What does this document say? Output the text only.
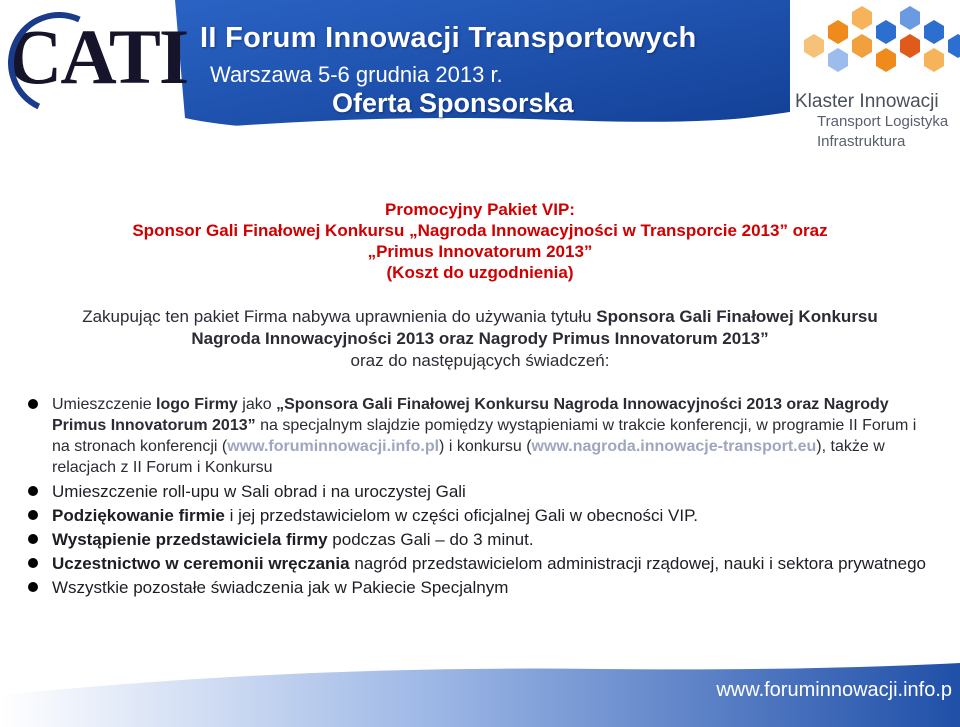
CATI II Forum Innowacji Transportowych
Warszawa 5-6 grudnia 2013 r.
Oferta Sponsorska	Klaster Innowacji
Transport Logistyka
Infrastruktura
Promocyjny Pakiet VIP:
Sponsor Gali Finałowej Konkursu „Nagroda Innowacyjności w Transporcie 2013” oraz
„Primus Innovatorum 2013”
(Koszt do uzgodnienia)
Zakupując ten pakiet Firma nabywa uprawnienia do używania tytułu Sponsora Gali Finałowej Konkursu
Nagroda Innowacyjności 2013 oraz Nagrody Primus Innovatorum 2013”
oraz do następujących świadczeń:
Umieszczenie logo Firmy jako „Sponsora Gali Finałowej Konkursu Nagroda Innowacyjności 2013 oraz Nagrody Primus Innovatorum 2013” na specjalnym slajdzie pomiędzy wystąpieniami w trakcie konferencji, w programie II Forum i na stronach konferencji (www.foruminnowacji.info.pl) i konkursu (www.nagroda.innowacje-transport.eu), także w relacjach z II Forum i Konkursu
Umieszczenie roll-upu w Sali obrad i na uroczystej Gali
Podziękowanie firmie i jej przedstawicielom w części oficjalnej Gali w obecności VIP.
Wystąpienie przedstawiciela firmy podczas Gali – do 3 minut.
Uczestnictwo w ceremonii wręczania nagród przedstawicielom administracji rządowej, nauki i sektora prywatnego
Wszystkie pozostałe świadczenia jak w Pakiecie Specjalnym
www.foruminnowacji.info.p
